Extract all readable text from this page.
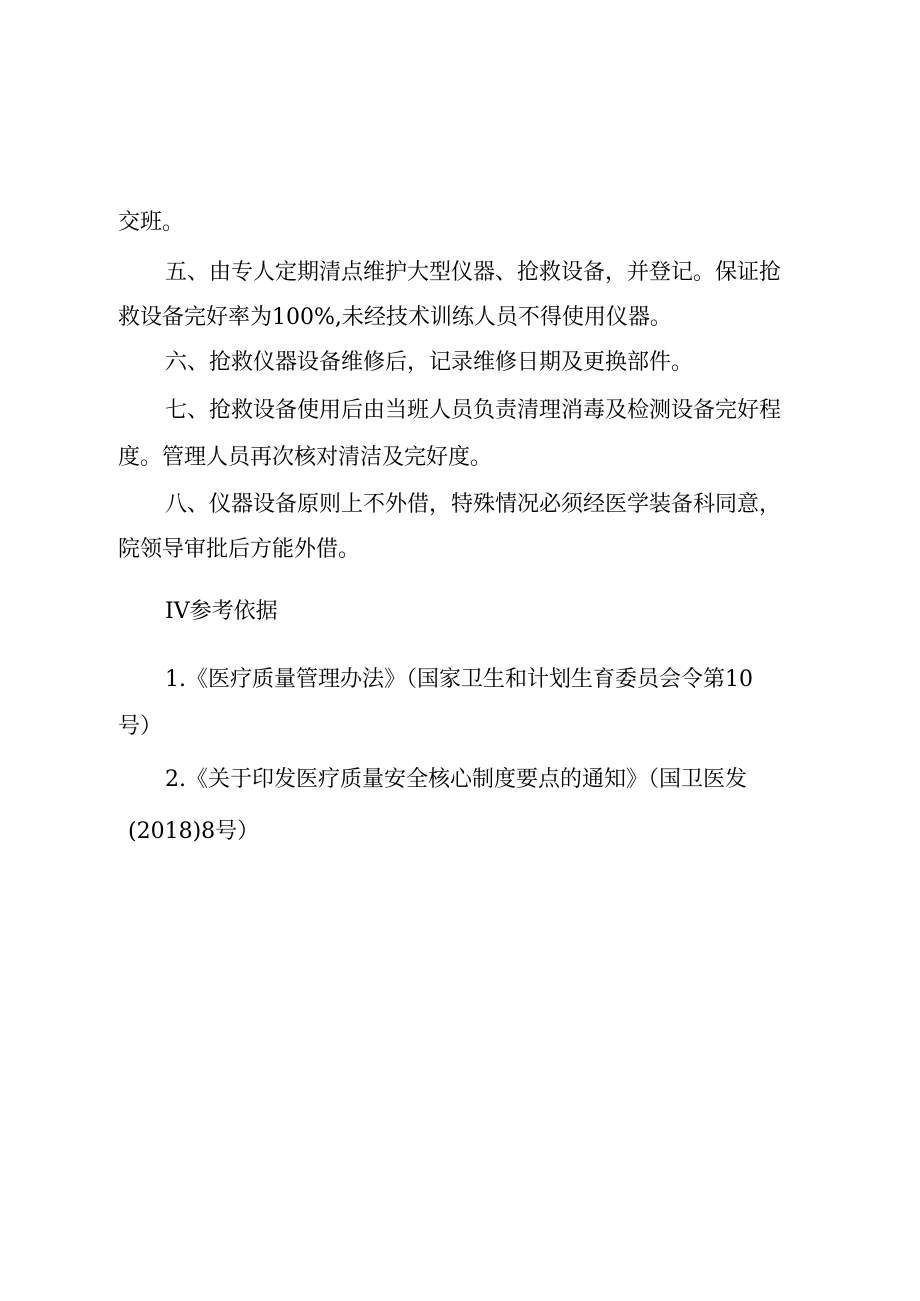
交班。
五、由专人定期清点维护大型仪器、抢救设备，并登记。保证抢
救设备完好率为100%,未经技术训练人员不得使用仪器。
六、抢救仪器设备维修后，记录维修日期及更换部件。
七、抢救设备使用后由当班人员负责清理消毒及检测设备完好程
度。管理人员再次核对清洁及完好度。
八、仪器设备原则上不外借，特殊情况必须经医学装备科同意，
院领导审批后方能外借。
IV参考依据
1.《医疗质量管理办法》（国家卫生和计划生育委员会令第10
号）
2.《关于印发医疗质量安全核心制度要点的通知》（国卫医发
(2018)8号）
